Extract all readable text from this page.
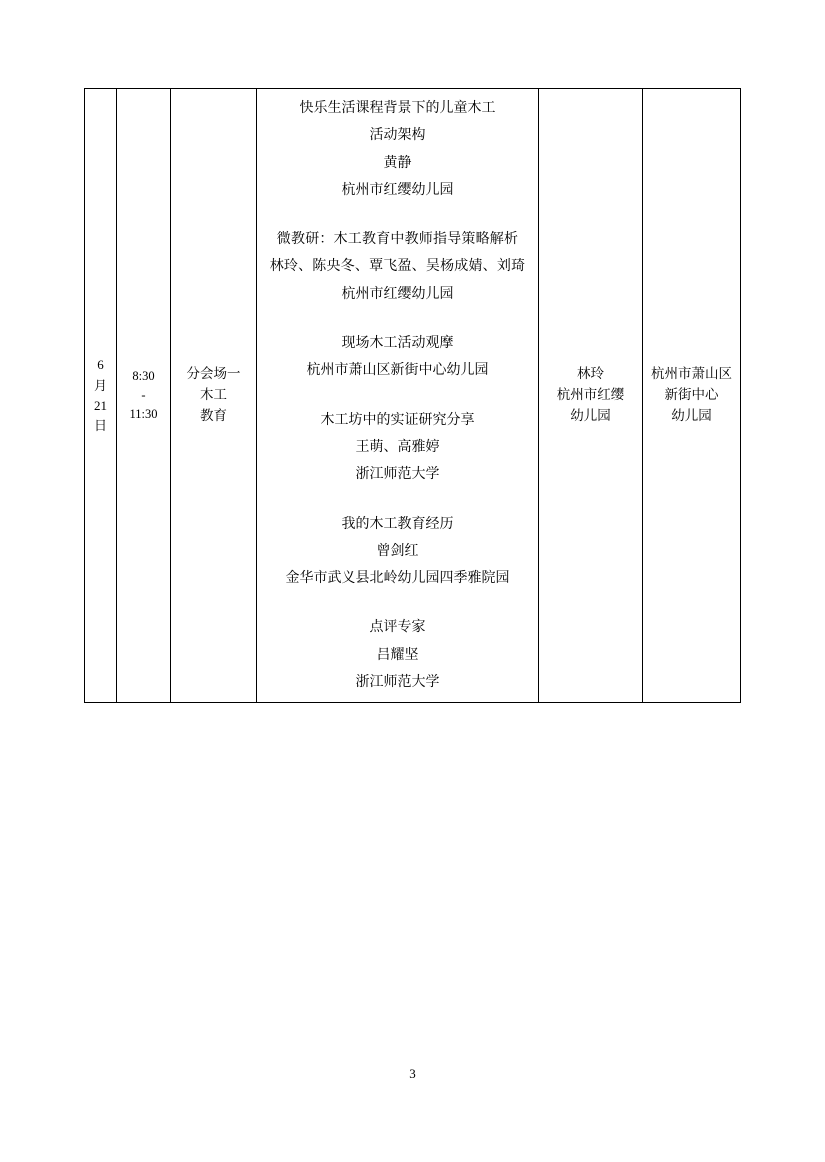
6
月
21
日

8:30
-
11:30

分会场一
木工
教育

快乐生活课程背景下的儿童木工
活动架构
黄静
杭州市红缨幼儿园
微教研：木工教育中教师指导策略解析
林玲、陈央冬、覃飞盈、吴杨成婧、刘琦
杭州市红缨幼儿园
现场木工活动观摩
杭州市萧山区新街中心幼儿园
木工坊中的实证研究分享
王萌、高雅婷
浙江师范大学
我的木工教育经历
曾剑红
金华市武义县北岭幼儿园四季雅院园
点评专家
吕耀坚
浙江师范大学

林玲
杭州市红缨
幼儿园

杭州市萧山区
新街中心
幼儿园
3
